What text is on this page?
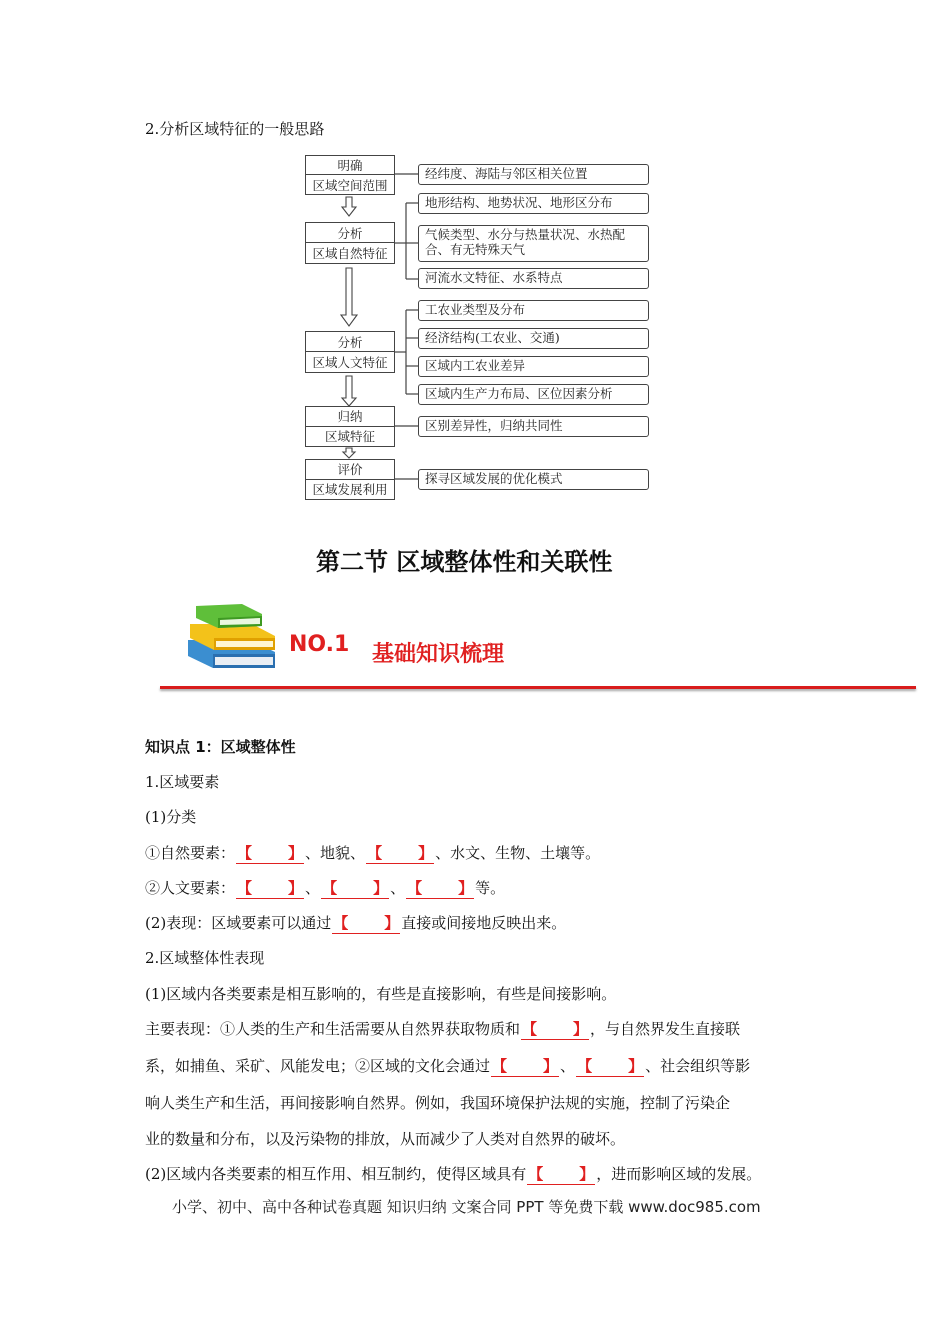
2.分析区域特征的一般思路
明确
区域空间范围
分析
区域自然特征
分析
区域人文特征
归纳
区域特征
评价
区域发展利用
经纬度、海陆与邻区相关位置
地形结构、地势状况、地形区分布
气候类型、水分与热量状况、水热配合、有无特殊天气
河流水文特征、水系特点
工农业类型及分布
经济结构(工农业、交通)
区域内工农业差异
区域内生产力布局、区位因素分析
区别差异性，归纳共同性
探寻区域发展的优化模式
第二节 区域整体性和关联性
NO.1 基础知识梳理
知识点 1：区域整体性
1.区域要素
(1)分类
①自然要素： 【 】 、地貌、 【 】 、水文、生物、土壤等。
②人文要素： 【 】 、 【 】 、 【 】 等。
(2)表现：区域要素可以通过 【 】 直接或间接地反映出来。
2.区域整体性表现
(1)区域内各类要素是相互影响的，有些是直接影响，有些是间接影响。
主要表现：①人类的生产和生活需要从自然界获取物质和 【 】 ，与自然界发生直接联
系，如捕鱼、采矿、风能发电；②区域的文化会通过 【 】 、 【 】 、社会组织等影
响人类生产和生活，再间接影响自然界。例如，我国环境保护法规的实施，控制了污染企
业的数量和分布，以及污染物的排放，从而减少了人类对自然界的破坏。
(2)区域内各类要素的相互作用、相互制约，使得区域具有 【 】 ，进而影响区域的发展。
小学、初中、高中各种试卷真题 知识归纳 文案合同 PPT 等免费下载 www.doc985.com
